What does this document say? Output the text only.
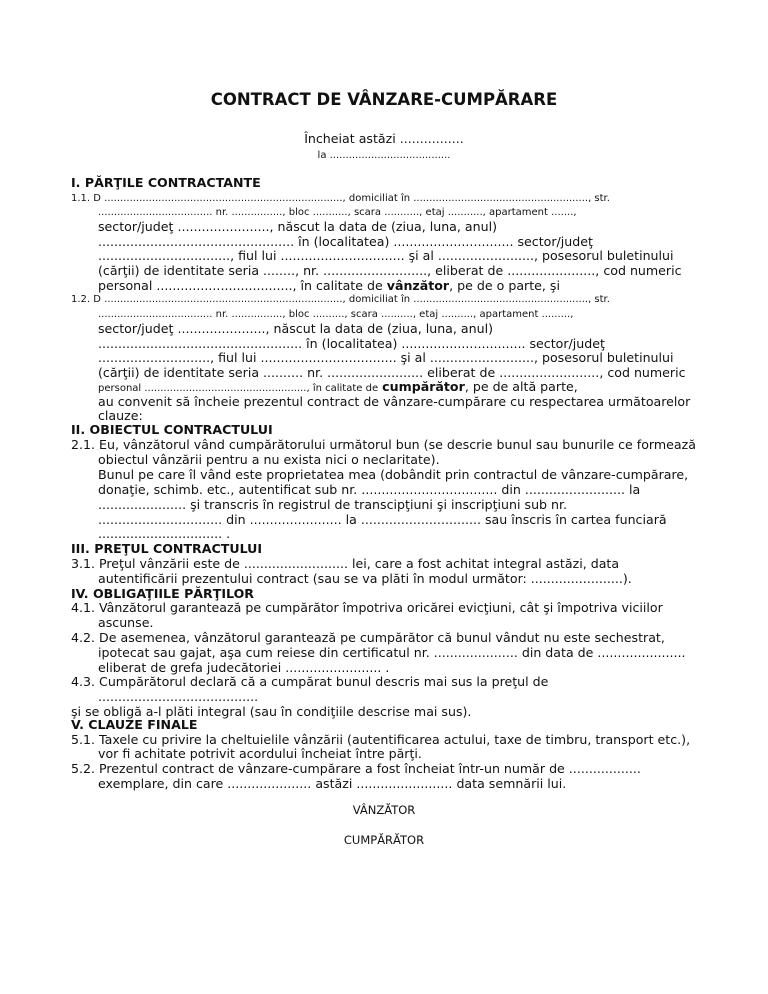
CONTRACT DE VÂNZARE-CUMPĂRARE
Încheiat astăzi ................
la ......................................
I. PĂRŢILE CONTRACTANTE
1.1. D ..........................................................................., domiciliat în ......................................................., str.
.................................... nr. ................, bloc ..........., scara ..........., etaj ..........., apartament .......,
sector/judeţ ......................., născut la data de (ziua, luna, anul)
................................................. în (localitatea) .............................. sector/judeţ
................................., fiul lui ............................... şi al ........................, posesorul buletinului
(cărţii) de identitate seria ........, nr. .........................., eliberat de ......................, cod numeric
personal .................................., în calitate de vânzător, pe de o parte, şi
1.2. D ..........................................................................., domiciliat în ......................................................., str.
.................................... nr. ................, bloc .........., scara .........., etaj .........., apartament .........,
sector/judeţ ......................, născut la data de (ziua, luna, anul)
................................................... în (localitatea) ............................... sector/judeţ
............................, fiul lui .................................. şi al .........................., posesorul buletinului
(cărţii) de identitate seria .......... nr. ........................ eliberat de ........................., cod numeric
personal ..................................................., în calitate de cumpărător, pe de altă parte,
au convenit să încheie prezentul contract de vânzare-cumpărare cu respectarea următoarelor
clauze:
II. OBIECTUL CONTRACTULUI
2.1. Eu, vânzătorul vând cumpărătorului următorul bun (se descrie bunul sau bunurile ce formează
obiectul vânzării pentru a nu exista nici o neclaritate).
Bunul pe care îl vând este proprietatea mea (dobândit prin contractul de vânzare-cumpărare,
donaţie, schimb. etc., autentificat sub nr. .................................. din ......................... la
...................... şi transcris în registrul de transcipţiuni şi inscripţiuni sub nr.
............................... din ....................... la .............................. sau înscris în cartea funciară
............................... .
III. PREŢUL CONTRACTULUI
3.1. Preţul vânzării este de .......................... lei, care a fost achitat integral astăzi, data
autentificării prezentului contract (sau se va plăti în modul următor: .......................).
IV. OBLIGAŢIILE PĂRŢILOR
4.1. Vânzătorul garantează pe cumpărător împotriva oricărei evicţiuni, cât şi împotriva viciilor
ascunse.
4.2. De asemenea, vânzătorul garantează pe cumpărător că bunul vândut nu este sechestrat,
ipotecat sau gajat, aşa cum reiese din certificatul nr. ..................... din data de ......................
eliberat de grefa judecătoriei ........................ .
4.3. Cumpărătorul declară că a cumpărat bunul descris mai sus la preţul de
........................................
şi se obligă a-l plăti integral (sau în condiţiile descrise mai sus).
V. CLAUZE FINALE
5.1. Taxele cu privire la cheltuielile vânzării (autentificarea actului, taxe de timbru, transport etc.),
vor fi achitate potrivit acordului încheiat între părţi.
5.2. Prezentul contract de vânzare-cumpărare a fost încheiat într-un număr de ..................
exemplare, din care ..................... astăzi ........................ data semnării lui.
VÂNZĂTOR
CUMPĂRĂTOR
